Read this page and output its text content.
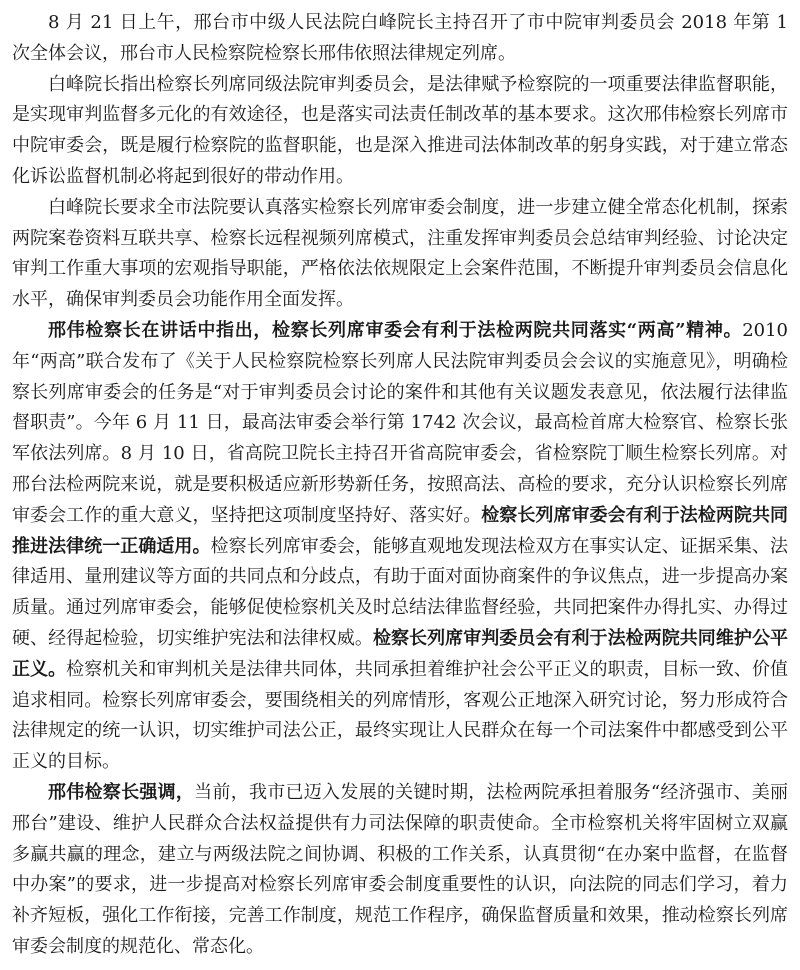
8 月 21 日上午，邢台市中级人民法院白峰院长主持召开了市中院审判委员会 2018 年第 1 次全体会议，邢台市人民检察院检察长邢伟依照法律规定列席。

白峰院长指出检察长列席同级法院审判委员会，是法律赋予检察院的一项重要法律监督职能，是实现审判监督多元化的有效途径，也是落实司法责任制改革的基本要求。这次邢伟检察长列席市中院审委会，既是履行检察院的监督职能，也是深入推进司法体制改革的躬身实践，对于建立常态化诉讼监督机制必将起到很好的带动作用。

白峰院长要求全市法院要认真落实检察长列席审委会制度，进一步建立健全常态化机制，探索两院案卷资料互联共享、检察长远程视频列席模式，注重发挥审判委员会总结审判经验、讨论决定审判工作重大事项的宏观指导职能，严格依法依规限定上会案件范围，不断提升审判委员会信息化水平，确保审判委员会功能作用全面发挥。

邢伟检察长在讲话中指出，检察长列席审委会有利于法检两院共同落实“两高”精神。2010 年“两高”联合发布了《关于人民检察院检察长列席人民法院审判委员会会议的实施意见》，明确检察长列席审委会的任务是“对于审判委员会讨论的案件和其他有关议题发表意见，依法履行法律监督职责”。今年 6 月 11 日，最高法审委会举行第 1742 次会议，最高检首席大检察官、检察长张军依法列席。8 月 10 日，省高院卫院长主持召开省高院审委会，省检察院丁顺生检察长列席。对邢台法检两院来说，就是要积极适应新形势新任务，按照高法、高检的要求，充分认识检察长列席审委会工作的重大意义，坚持把这项制度坚持好、落实好。检察长列席审委会有利于法检两院共同推进法律统一正确适用。检察长列席审委会，能够直观地发现法检双方在事实认定、证据采集、法律适用、量刑建议等方面的共同点和分歧点，有助于面对面协商案件的争议焦点，进一步提高办案质量。通过列席审委会，能够促使检察机关及时总结法律监督经验，共同把案件办得扎实、办得过硬、经得起检验，切实维护宪法和法律权威。检察长列席审判委员会有利于法检两院共同维护公平正义。检察机关和审判机关是法律共同体，共同承担着维护社会公平正义的职责，目标一致、价值追求相同。检察长列席审委会，要围绕相关的列席情形，客观公正地深入研究讨论，努力形成符合法律规定的统一认识，切实维护司法公正，最终实现让人民群众在每一个司法案件中都感受到公平正义的目标。

邢伟检察长强调，当前，我市已迈入发展的关键时期，法检两院承担着服务“经济强市、美丽邢台”建设、维护人民群众合法权益提供有力司法保障的职责使命。全市检察机关将牢固树立双赢多赢共赢的理念，建立与两级法院之间协调、积极的工作关系，认真贯彻“在办案中监督，在监督中办案”的要求，进一步提高对检察长列席审委会制度重要性的认识，向法院的同志们学习，着力补齐短板，强化工作衔接，完善工作制度，规范工作程序，确保监督质量和效果，推动检察长列席审委会制度的规范化、常态化。
